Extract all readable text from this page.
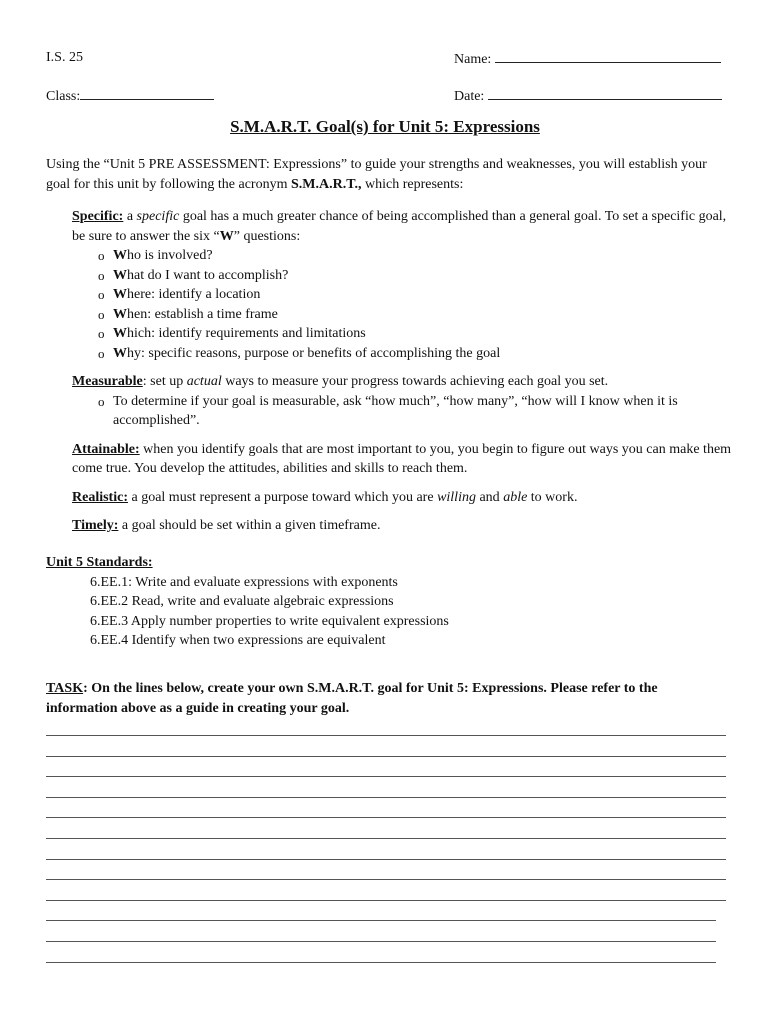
I.S. 25	Name:
Class:	Date:
S.M.A.R.T. Goal(s) for Unit 5: Expressions
Using the “Unit 5 PRE ASSESSMENT: Expressions” to guide your strengths and weaknesses, you will establish your goal for this unit by following the acronym S.M.A.R.T., which represents:
Specific: a specific goal has a much greater chance of being accomplished than a general goal. To set a specific goal, be sure to answer the six “W” questions:
o Who is involved?
o What do I want to accomplish?
o Where: identify a location
o When: establish a time frame
o Which: identify requirements and limitations
o Why: specific reasons, purpose or benefits of accomplishing the goal
Measurable: set up actual ways to measure your progress towards achieving each goal you set.
o To determine if your goal is measurable, ask “how much”, “how many”, “how will I know when it is accomplished”.
Attainable: when you identify goals that are most important to you, you begin to figure out ways you can make them come true. You develop the attitudes, abilities and skills to reach them.
Realistic: a goal must represent a purpose toward which you are willing and able to work.
Timely: a goal should be set within a given timeframe.
Unit 5 Standards:
6.EE.1: Write and evaluate expressions with exponents
6.EE.2 Read, write and evaluate algebraic expressions
6.EE.3 Apply number properties to write equivalent expressions
6.EE.4 Identify when two expressions are equivalent
TASK: On the lines below, create your own S.M.A.R.T. goal for Unit 5: Expressions. Please refer to the information above as a guide in creating your goal.
